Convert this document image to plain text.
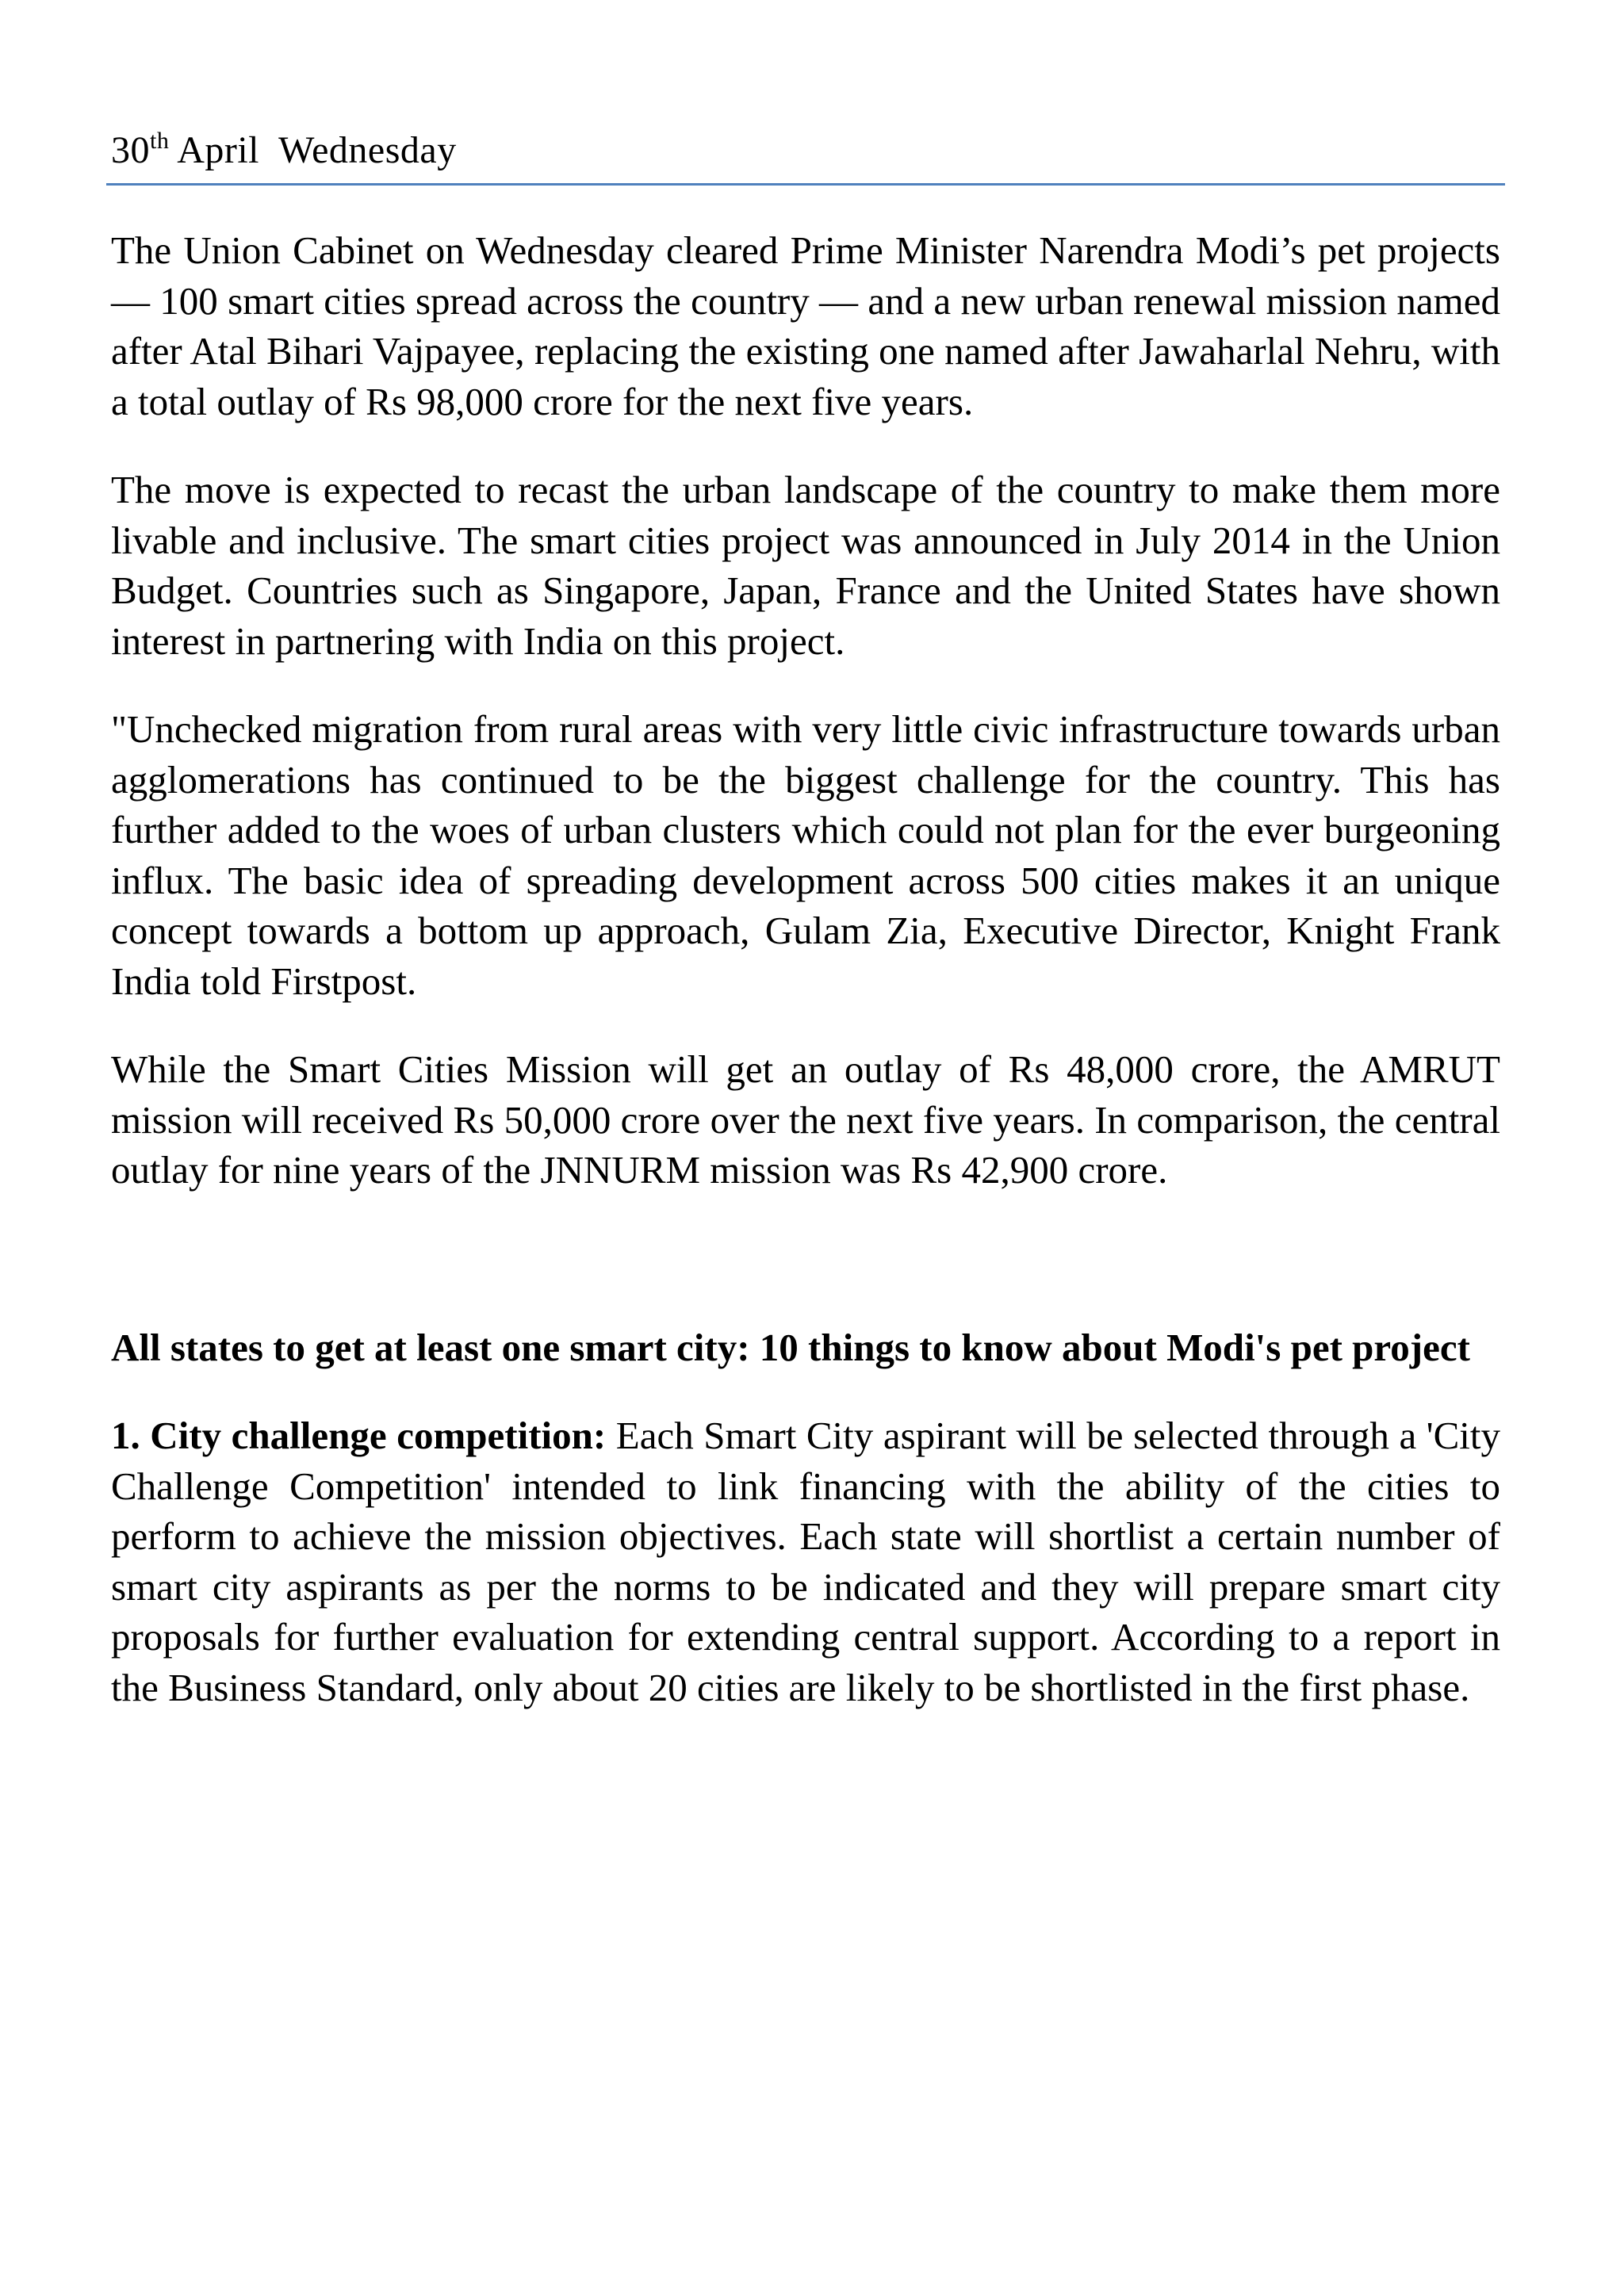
30th April  Wednesday

The Union Cabinet on Wednesday cleared Prime Minister Narendra Modi’s pet projects — 100 smart cities spread across the country — and a new urban renewal mission named after Atal Bihari Vajpayee, replacing the existing one named after Jawaharlal Nehru, with a total outlay of Rs 98,000 crore for the next five years.

The move is expected to recast the urban landscape of the country to make them more livable and inclusive. The smart cities project was announced in July 2014 in the Union Budget. Countries such as Singapore, Japan, France and the United States have shown interest in partnering with India on this project.

"Unchecked migration from rural areas with very little civic infrastructure towards urban agglomerations has continued to be the biggest challenge for the country. This has further added to the woes of urban clusters which could not plan for the ever burgeoning influx. The basic idea of spreading development across 500 cities makes it an unique concept towards a bottom up approach, Gulam Zia, Executive Director, Knight Frank India told Firstpost.

While the Smart Cities Mission will get an outlay of Rs 48,000 crore, the AMRUT mission will received Rs 50,000 crore over the next five years. In comparison, the central outlay for nine years of the JNNURM mission was Rs 42,900 crore.

All states to get at least one smart city: 10 things to know about Modi's pet project

1. City challenge competition: Each Smart City aspirant will be selected through a 'City Challenge Competition' intended to link financing with the ability of the cities to perform to achieve the mission objectives. Each state will shortlist a certain number of smart city aspirants as per the norms to be indicated and they will prepare smart city proposals for further evaluation for extending central support. According to a report in the Business Standard, only about 20 cities are likely to be shortlisted in the first phase.
